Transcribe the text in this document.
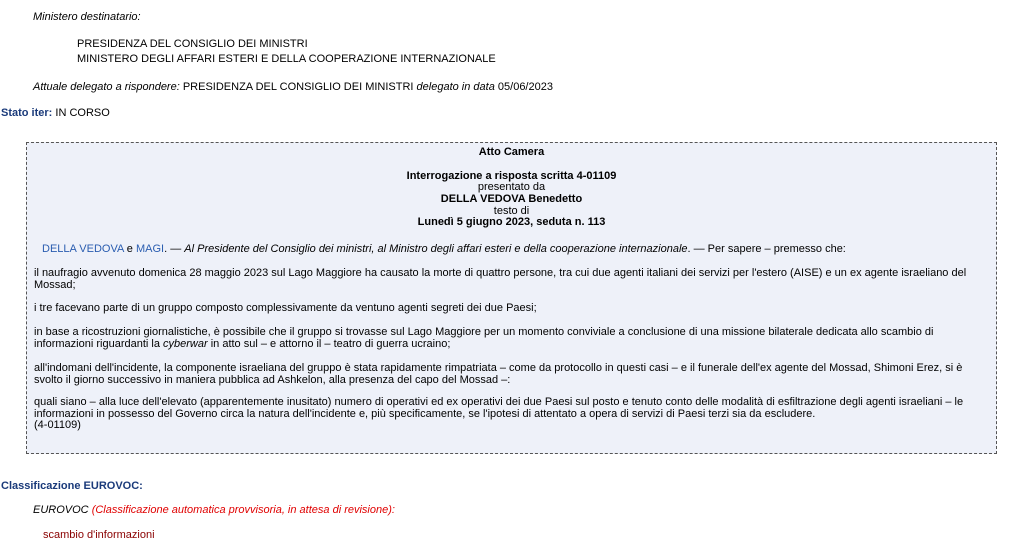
Ministero destinatario:
PRESIDENZA DEL CONSIGLIO DEI MINISTRI
MINISTERO DEGLI AFFARI ESTERI E DELLA COOPERAZIONE INTERNAZIONALE
Attuale delegato a rispondere: PRESIDENZA DEL CONSIGLIO DEI MINISTRI delegato in data 05/06/2023
Stato iter: IN CORSO
Atto Camera
Interrogazione a risposta scritta 4-01109
presentato da
DELLA VEDOVA Benedetto
testo di
Lunedì 5 giugno 2023, seduta n. 113
DELLA VEDOVA e MAGI. — Al Presidente del Consiglio dei ministri, al Ministro degli affari esteri e della cooperazione internazionale. — Per sapere – premesso che:
il naufragio avvenuto domenica 28 maggio 2023 sul Lago Maggiore ha causato la morte di quattro persone, tra cui due agenti italiani dei servizi per l'estero (AISE) e un ex agente israeliano del Mossad;
i tre facevano parte di un gruppo composto complessivamente da ventuno agenti segreti dei due Paesi;
in base a ricostruzioni giornalistiche, è possibile che il gruppo si trovasse sul Lago Maggiore per un momento conviviale a conclusione di una missione bilaterale dedicata allo scambio di informazioni riguardanti la cyberwar in atto sul – e attorno il – teatro di guerra ucraino;
all'indomani dell'incidente, la componente israeliana del gruppo è stata rapidamente rimpatriata – come da protocollo in questi casi – e il funerale dell'ex agente del Mossad, Shimoni Erez, si è svolto il giorno successivo in maniera pubblica ad Ashkelon, alla presenza del capo del Mossad –:
quali siano – alla luce dell'elevato (apparentemente inusitato) numero di operativi ed ex operativi dei due Paesi sul posto e tenuto conto delle modalità di esfiltrazione degli agenti israeliani – le informazioni in possesso del Governo circa la natura dell'incidente e, più specificamente, se l'ipotesi di attentato a opera di servizi di Paesi terzi sia da escludere.
(4-01109)
Classificazione EUROVOC:
EUROVOC (Classificazione automatica provvisoria, in attesa di revisione):
scambio d'informazioni
